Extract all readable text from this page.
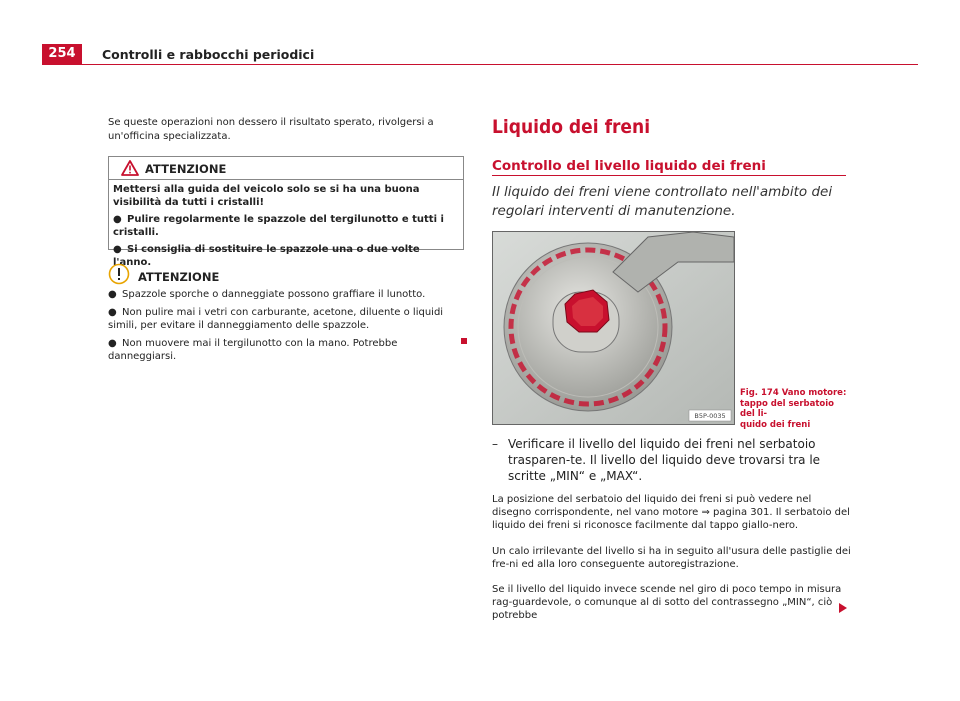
254	Controlli e rabbocchi periodici
Se queste operazioni non dessero il risultato sperato, rivolgersi a un'officina specializzata.
ATTENZIONE

Mettersi alla guida del veicolo solo se si ha una buona visibilità da tutti i cristalli!

● Pulire regolarmente le spazzole del tergilunotto e tutti i cristalli.

● Si consiglia di sostituire le spazzole una o due volte l'anno.

ATTENZIONE
● Spazzole sporche o danneggiate possono graffiare il lunotto.
● Non pulire mai i vetri con carburante, acetone, diluente o liquidi simili, per evitare il danneggiamento delle spazzole.
● Non muovere mai il tergilunotto con la mano. Potrebbe danneggiarsi.
Liquido dei freni
Controllo del livello liquido dei freni
Il liquido dei freni viene controllato nell'ambito dei regolari interventi di manutenzione.
B5P-0035
Fig. 174 Vano motore:
tappo del serbatoio del li-
quido dei freni
– Verificare il livello del liquido dei freni nel serbatoio trasparen-te. Il livello del liquido deve trovarsi tra le scritte „MIN“ e „MAX“.

La posizione del serbatoio del liquido dei freni si può vedere nel disegno corrispondente, nel vano motore ⇒ pagina 301. Il serbatoio del liquido dei freni si riconosce facilmente dal tappo giallo-nero.

Un calo irrilevante del livello si ha in seguito all'usura delle pastiglie dei fre-ni ed alla loro conseguente autoregistrazione.

Se il livello del liquido invece scende nel giro di poco tempo in misura rag-guardevole, o comunque al di sotto del contrassegno „MIN“, ciò potrebbe
